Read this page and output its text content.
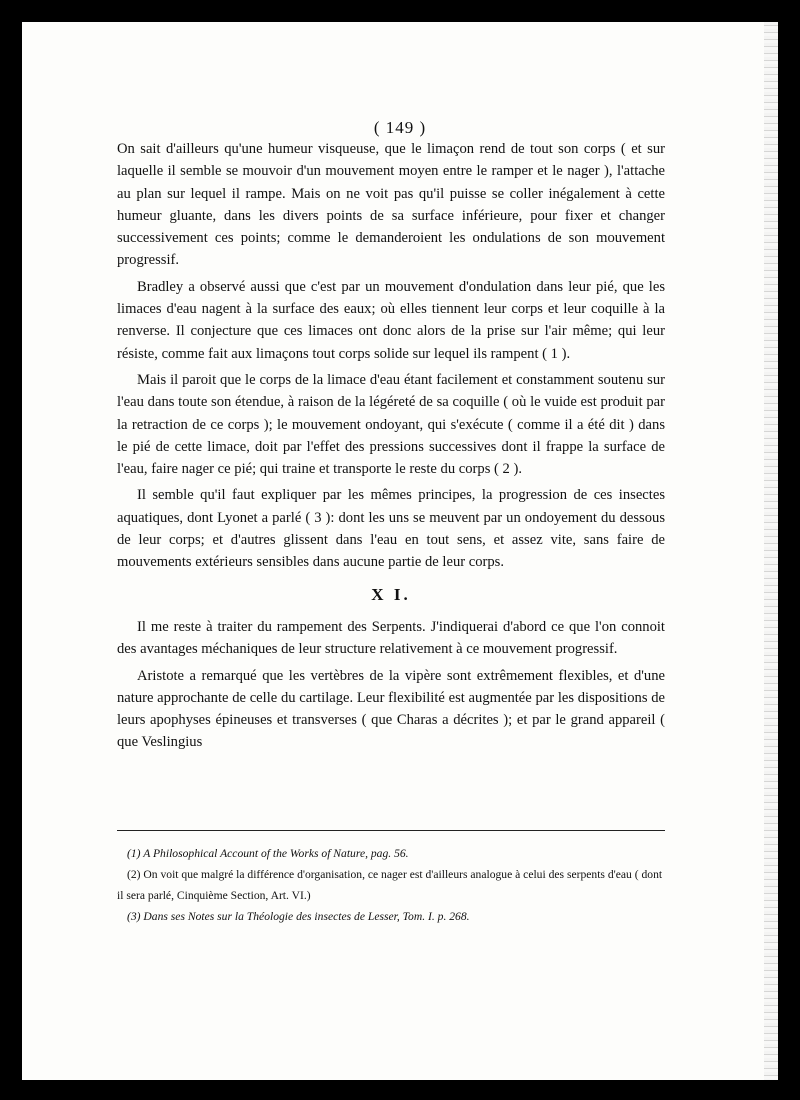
( 149 )

On sait d'ailleurs qu'une humeur visqueuse, que le limaçon rend de tout son corps ( et sur laquelle il semble se mouvoir d'un mouvement moyen entre le ramper et le nager ), l'attache au plan sur lequel il rampe. Mais on ne voit pas qu'il puisse se coller inégalement à cette humeur gluante, dans les divers points de sa surface inférieure, pour fixer et changer successivement ces points; comme le demanderoient les ondulations de son mouvement progressif.

Bradley a observé aussi que c'est par un mouvement d'ondulation dans leur pié, que les limaces d'eau nagent à la surface des eaux; où elles tiennent leur corps et leur coquille à la renverse. Il conjecture que ces limaces ont donc alors de la prise sur l'air même; qui leur résiste, comme fait aux limaçons tout corps solide sur lequel ils rampent ( 1 ).

Mais il paroit que le corps de la limace d'eau étant facilement et constamment soutenu sur l'eau dans toute son étendue, à raison de la légéreté de sa coquille ( où le vuide est produit par la retraction de ce corps ); le mouvement ondoyant, qui s'exécute ( comme il a été dit ) dans le pié de cette limace, doit par l'effet des pressions successives dont il frappe la surface de l'eau, faire nager ce pié; qui traine et transporte le reste du corps ( 2 ).

Il semble qu'il faut expliquer par les mêmes principes, la progression de ces insectes aquatiques, dont Lyonet a parlé ( 3 ): dont les uns se meuvent par un ondoyement du dessous de leur corps; et d'autres glissent dans l'eau en tout sens, et assez vite, sans faire de mouvements extérieurs sensibles dans aucune partie de leur corps.

X I.

Il me reste à traiter du rampement des Serpents. J'indiquerai d'abord ce que l'on connoit des avantages méchaniques de leur structure relativement à ce mouvement progressif.

Aristote a remarqué que les vertèbres de la vipère sont extrêmement flexibles, et d'une nature approchante de celle du cartilage. Leur flexibilité est augmentée par les dispositions de leurs apophyses épineuses et transverses ( que Charas a décrites ); et par le grand appareil ( que Veslingius

(1) A Philosophical Account of the Works of Nature, pag. 56.

(2) On voit que malgré la différence d'organisation, ce nager est d'ailleurs analogue à celui des serpents d'eau ( dont il sera parlé, Cinquième Section, Art. VI.)

(3) Dans ses Notes sur la Théologie des insectes de Lesser, Tom. I. p. 268.
